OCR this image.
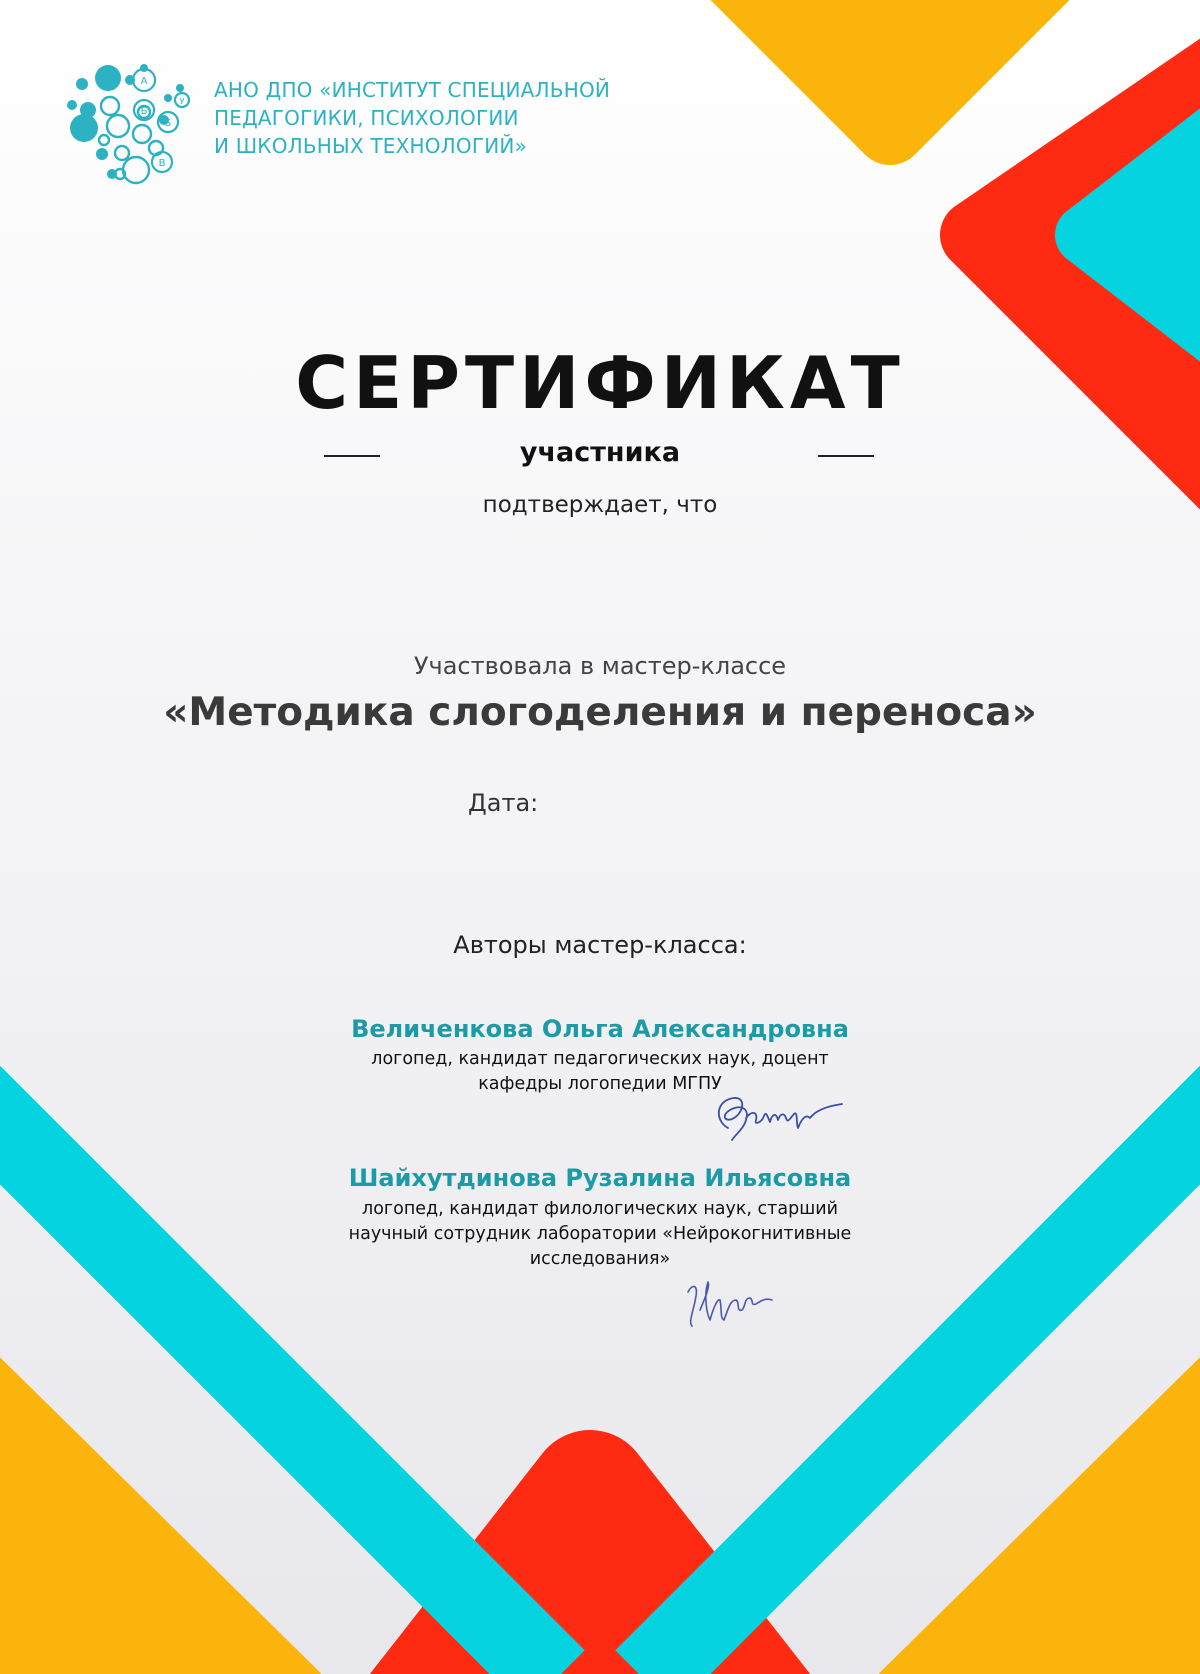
А
Б
В
У
S
АНО ДПО «ИНСТИТУТ СПЕЦИАЛЬНОЙ
ПЕДАГОГИКИ, ПСИХОЛОГИИ
И ШКОЛЬНЫХ ТЕХНОЛОГИЙ»
СЕРТИФИКАТ
участника
подтверждает, что
Участвовала в мастер-классе
«Методика слогоделения и переноса»
Дата:
Авторы мастер-класса:
Величенкова Ольга Александровна
логопед, кандидат педагогических наук, доцент
кафедры логопедии МГПУ
Шайхутдинова Рузалина Ильясовна
логопед, кандидат филологических наук, старший
научный сотрудник лаборатории «Нейрокогнитивные
исследования»
